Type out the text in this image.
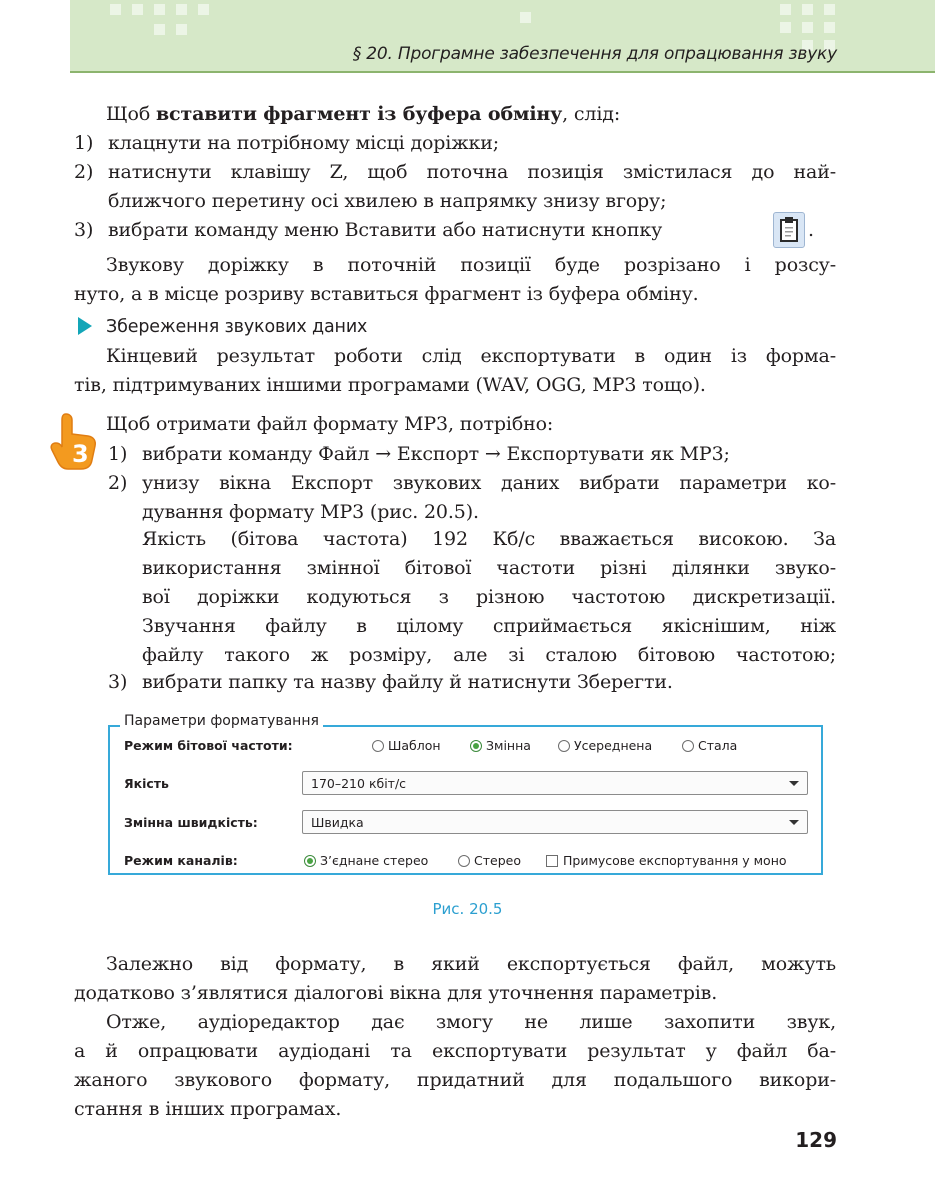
§ 20. Програмне забезпечення для опрацювання звуку
Щоб вставити фрагмент із буфера обміну, слід:
1) клацнути на потрібному місці доріжки;
2) натиснути клавішу Z, щоб поточна позиція змістилася до най-
ближчого перетину осі хвилею в напрямку знизу вгору;
3) вибрати команду меню Вставити або натиснути кнопку	.
Звукову доріжку в поточній позиції буде розрізано і розсу-
нуто, а в місце розриву вставиться фрагмент із буфера обміну.
Збереження звукових даних
Кінцевий результат роботи слід експортувати в один із форма-
тів, підтримуваних іншими програмами (WAV, OGG, MP3 тощо).
3
Щоб отримати файл формату MP3, потрібно:
1) вибрати команду Файл → Експорт → Експортувати як MP3;
2) унизу вікна Експорт звукових даних вибрати параметри ко-
дування формату MP3 (рис. 20.5).
Якість (бітова частота) 192 Кб/с вважається високою. За
використання змінної бітової частоти різні ділянки звуко-
вої доріжки кодуються з різною частотою дискретизації.
Звучання файлу в цілому сприймається якіснішим, ніж
файлу такого ж розміру, але зі сталою бітовою частотою;
3) вибрати папку та назву файлу й натиснути Зберегти.
Параметри форматування
Режим бітової частоти:	Шаблон	Змінна	Усереднена	Стала
Якість	170–210 кбіт/с
Змінна швидкість:	Швидка
Режим каналів:	З’єднане стерео	Стерео	Примусове експортування у моно
Рис. 20.5
Залежно від формату, в який експортується файл, можуть
додатково з’являтися діалогові вікна для уточнення параметрів.
Отже, аудіоредактор дає змогу не лише захопити звук,
а й опрацювати аудіодані та експортувати результат у файл ба-
жаного звукового формату, придатний для подальшого викори-
стання в інших програмах.
129
